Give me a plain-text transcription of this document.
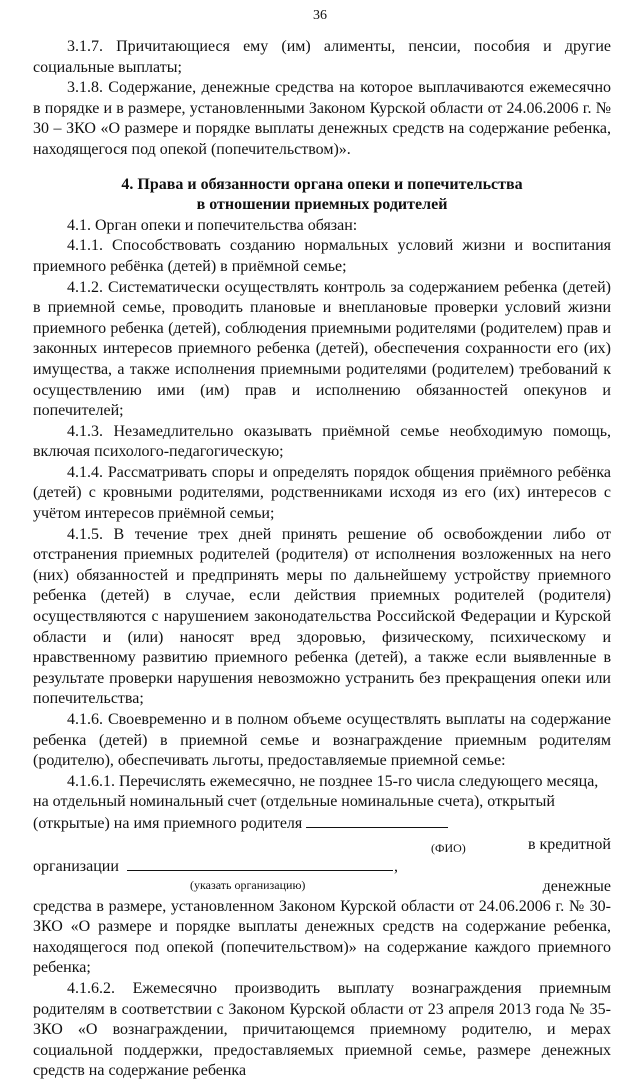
36

3.1.7. Причитающиеся ему (им) алименты, пенсии, пособия и другие социальные выплаты;

3.1.8. Содержание, денежные средства на которое выплачиваются ежемесячно в порядке и в размере, установленными Законом Курской области от 24.06.2006 г. № 30 – ЗКО «О размере и порядке выплаты денежных средств на содержание ребенка, находящегося под опекой (попечительством)».

4. Права и обязанности органа опеки и попечительства
в отношении приемных родителей

4.1. Орган опеки и попечительства обязан:

4.1.1. Способствовать созданию нормальных условий жизни и воспитания приемного ребёнка (детей) в приёмной семье;

4.1.2. Систематически осуществлять контроль за содержанием ребенка (детей) в приемной семье, проводить плановые и внеплановые проверки условий жизни приемного ребенка (детей), соблюдения приемными родителями (родителем) прав и законных интересов приемного ребенка (детей), обеспечения сохранности его (их) имущества, а также исполнения приемными родителями (родителем) требований к осуществлению ими (им) прав и исполнению обязанностей опекунов и попечителей;

4.1.3. Незамедлительно оказывать приёмной семье необходимую помощь, включая психолого-педагогическую;

4.1.4. Рассматривать споры и определять порядок общения приёмного ребёнка (детей) с кровными родителями, родственниками исходя из его (их) интересов с учётом интересов приёмной семьи;

4.1.5. В течение трех дней принять решение об освобождении либо от отстранения приемных родителей (родителя) от исполнения возложенных на него (них) обязанностей и предпринять меры по дальнейшему устройству приемного ребенка (детей) в случае, если действия приемных родителей (родителя) осуществляются с нарушением законодательства Российской Федерации и Курской области и (или) наносят вред здоровью, физическому, психическому и нравственному развитию приемного ребенка (детей), а также если выявленные в результате проверки нарушения невозможно устранить без прекращения опеки или попечительства;

4.1.6. Своевременно и в полном объеме осуществлять выплаты на содержание ребенка (детей) в приемной семье и вознаграждение приемным родителям (родителю), обеспечивать льготы, предоставляемые приемной семье:

4.1.6.1. Перечислять ежемесячно, не позднее 15-го числа следующего месяца, на отдельный номинальный счет (отдельные номинальные счета), открытый (открытые) на имя приемного родителя

(ФИО)	в кредитной
организации	,
(указать организацию)	денежные

средства в размере, установленном Законом Курской области от 24.06.2006 г. № 30- ЗКО «О размере и порядке выплаты денежных средств на содержание ребенка, находящегося под опекой (попечительством)» на содержание каждого приемного ребенка;

4.1.6.2. Ежемесячно производить выплату вознаграждения приемным родителям в соответствии с Законом Курской области от 23 апреля 2013 года № 35-ЗКО «О вознаграждении, причитающемся приемному родителю, и мерах социальной поддержки, предоставляемых приемной семье, размере денежных средств на содержание ребенка
